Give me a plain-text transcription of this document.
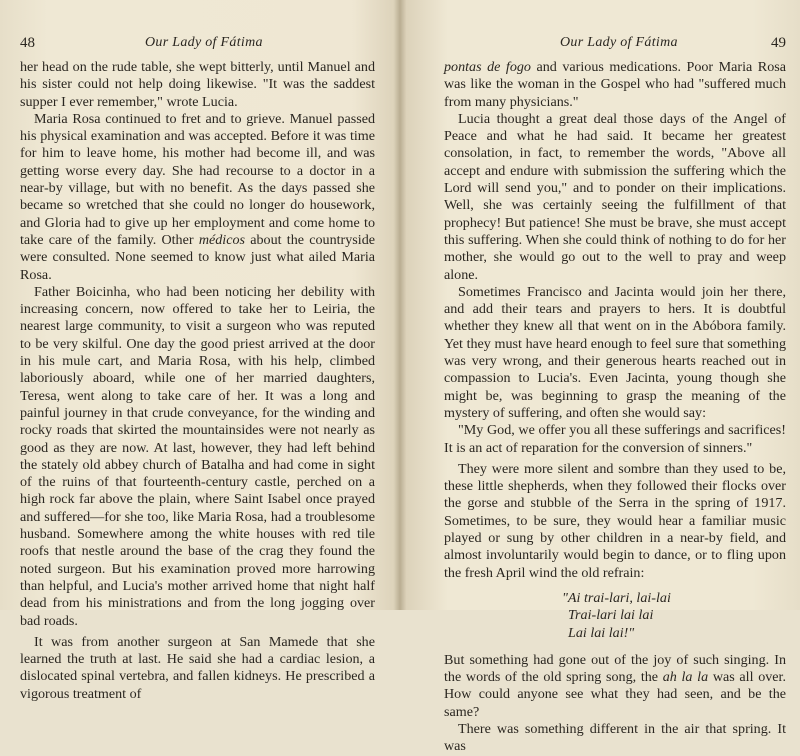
48	Our Lady of Fátima

her head on the rude table, she wept bitterly, until Manuel and his sister could not help doing likewise. "It was the saddest supper I ever remember," wrote Lucia.

Maria Rosa continued to fret and to grieve. Manuel passed his physical examination and was accepted. Before it was time for him to leave home, his mother had become ill, and was getting worse every day. She had recourse to a doctor in a near-by village, but with no benefit. As the days passed she became so wretched that she could no longer do housework, and Gloria had to give up her employment and come home to take care of the family. Other médicos about the countryside were consulted. None seemed to know just what ailed Maria Rosa.

Father Boicinha, who had been noticing her debility with increasing concern, now offered to take her to Leiria, the nearest large community, to visit a surgeon who was reputed to be very skilful. One day the good priest arrived at the door in his mule cart, and Maria Rosa, with his help, climbed laboriously aboard, while one of her married daughters, Teresa, went along to take care of her. It was a long and painful journey in that crude conveyance, for the winding and rocky roads that skirted the mountainsides were not nearly as good as they are now. At last, however, they had left behind the stately old abbey church of Batalha and had come in sight of the ruins of that fourteenth-century castle, perched on a high rock far above the plain, where Saint Isabel once prayed and suffered—for she too, like Maria Rosa, had a troublesome husband. Somewhere among the white houses with red tile roofs that nestle around the base of the crag they found the noted surgeon. But his examination proved more harrowing than helpful, and Lucia's mother arrived home that night half dead from his ministrations and from the long jogging over bad roads.

It was from another surgeon at San Mamede that she learned the truth at last. He said she had a cardiac lesion, a dislocated spinal vertebra, and fallen kidneys. He prescribed a vigorous treatment of

Our Lady of Fátima	49

pontas de fogo and various medications. Poor Maria Rosa was like the woman in the Gospel who had "suffered much from many physicians."

Lucia thought a great deal those days of the Angel of Peace and what he had said. It became her greatest consolation, in fact, to remember the words, "Above all accept and endure with submission the suffering which the Lord will send you," and to ponder on their implications. Well, she was certainly seeing the fulfillment of that prophecy! But patience! She must be brave, she must accept this suffering. When she could think of nothing to do for her mother, she would go out to the well to pray and weep alone.

Sometimes Francisco and Jacinta would join her there, and add their tears and prayers to hers. It is doubtful whether they knew all that went on in the Abóbora family. Yet they must have heard enough to feel sure that something was very wrong, and their generous hearts reached out in compassion to Lucia's. Even Jacinta, young though she might be, was beginning to grasp the meaning of the mystery of suffering, and often she would say:

"My God, we offer you all these sufferings and sacrifices! It is an act of reparation for the conversion of sinners."

They were more silent and sombre than they used to be, these little shepherds, when they followed their flocks over the gorse and stubble of the Serra in the spring of 1917. Sometimes, to be sure, they would hear a familiar music played or sung by other children in a near-by field, and almost involuntarily would begin to dance, or to fling upon the fresh April wind the old refrain:

"Ai trai-lari, lai-lai
Trai-lari lai lai
Lai lai lai!"

But something had gone out of the joy of such singing. In the words of the old spring song, the ah la la was all over. How could anyone see what they had seen, and be the same?

There was something different in the air that spring. It was
